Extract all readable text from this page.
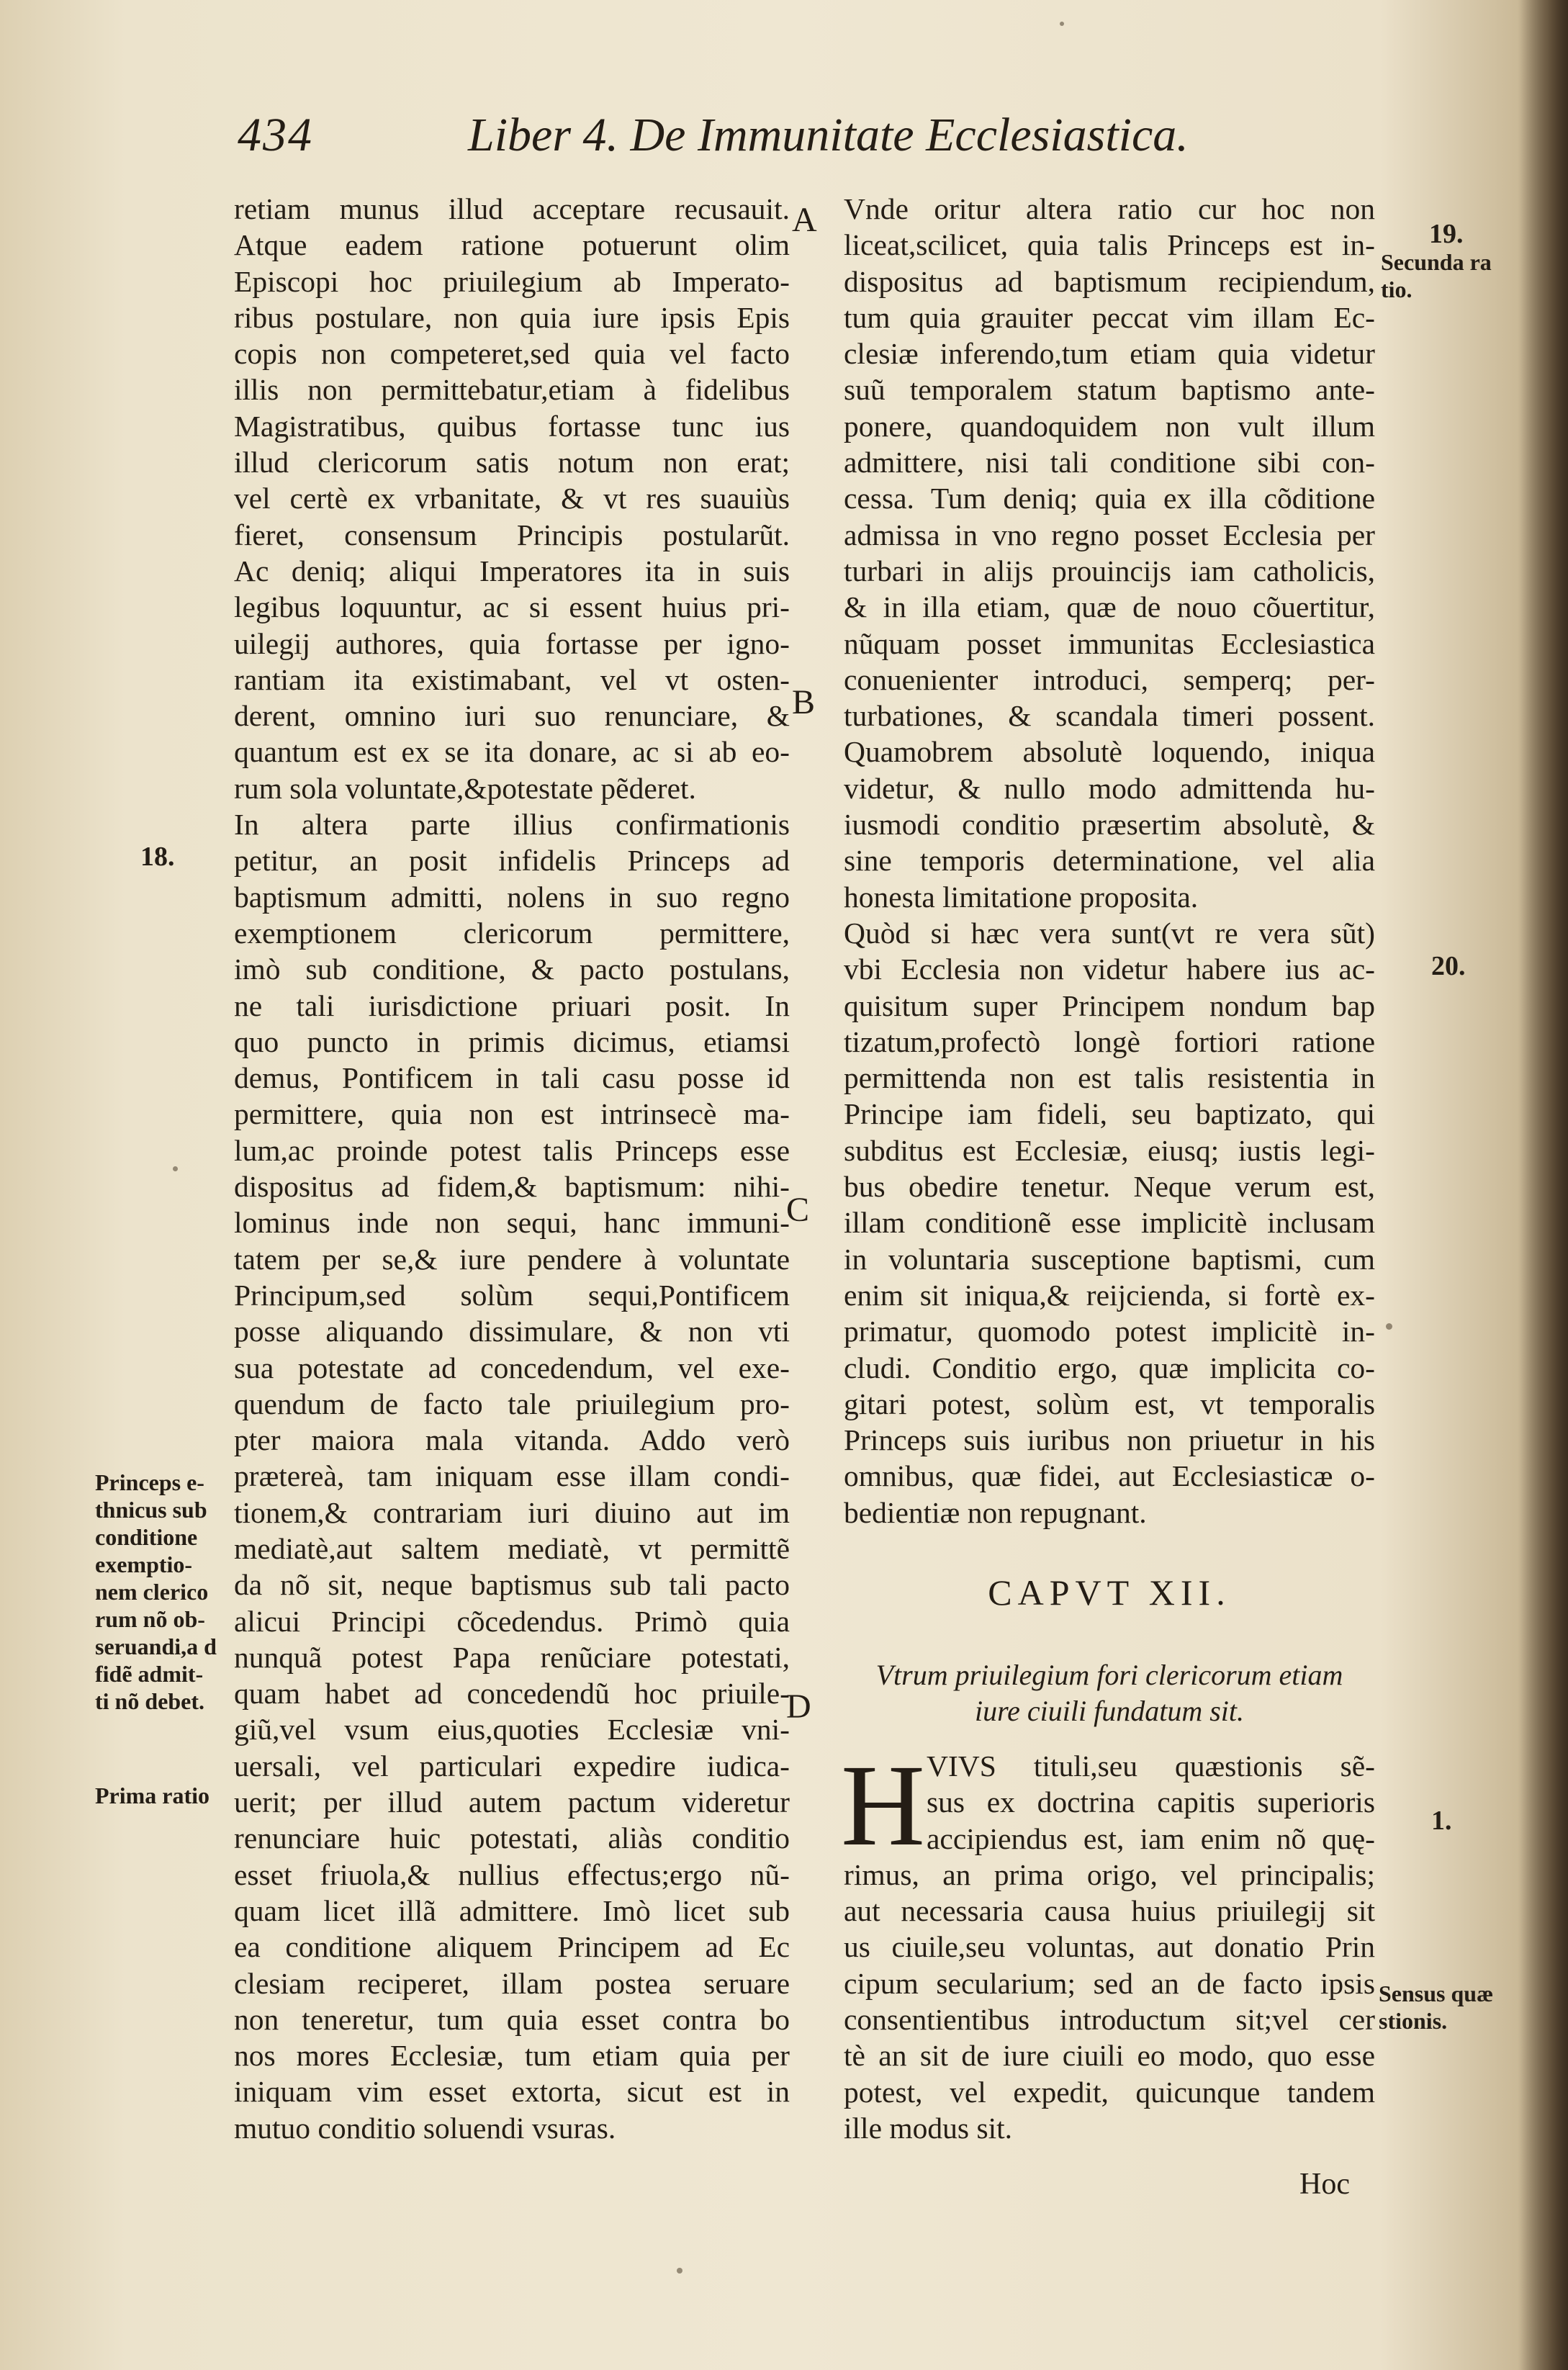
434	Liber 4. De Immunitate Ecclesiastica.
retiam munus illud acceptare recusauit.
Atque eadem ratione potuerunt olim
Episcopi hoc priuilegium ab Imperato-
ribus postulare, non quia iure ipsis Epis
copis non competeret,sed quia vel facto
illis non permittebatur,etiam à fidelibus
Magistratibus, quibus fortasse tunc ius
illud clericorum satis notum non erat;
vel certè ex vrbanitate, & vt res suauiùs
fieret, consensum Principis postularũt.
Ac deniq; aliqui Imperatores ita in suis
legibus loquuntur, ac si essent huius pri-
uilegij authores, quia fortasse per igno-
rantiam ita existimabant, vel vt osten-
derent, omnino iuri suo renunciare, &
quantum est ex se ita donare, ac si ab eo-
rum sola voluntate,&potestate pẽderet.
In altera parte illius confirmationis
petitur, an posit infidelis Princeps ad
baptismum admitti, nolens in suo regno
exemptionem clericorum permittere,
imò sub conditione, & pacto postulans,
ne tali iurisdictione priuari posit. In
quo puncto in primis dicimus, etiamsi
demus, Pontificem in tali casu posse id
permittere, quia non est intrinsecè ma-
lum,ac proinde potest talis Princeps esse
dispositus ad fidem,& baptismum: nihi-
lominus inde non sequi, hanc immuni-
tatem per se,& iure pendere à voluntate
Principum,sed solùm sequi,Pontificem
posse aliquando dissimulare, & non vti
sua potestate ad concedendum, vel exe-
quendum de facto tale priuilegium pro-
pter maiora mala vitanda. Addo verò
prætereà, tam iniquam esse illam condi-
tionem,& contrariam iuri diuino aut im
mediatè,aut saltem mediatè, vt permittẽ
da nõ sit, neque baptismus sub tali pacto
alicui Principi cõcedendus. Primò quia
nunquã potest Papa renũciare potestati,
quam habet ad concedendũ hoc priuile-
giũ,vel vsum eius,quoties Ecclesiæ vni-
uersali, vel particulari expedire iudica-
uerit; per illud autem pactum videretur
renunciare huic potestati, aliàs conditio
esset friuola,& nullius effectus;ergo nũ-
quam licet illã admittere. Imò licet sub
ea conditione aliquem Principem ad Ec
clesiam reciperet, illam postea seruare
non teneretur, tum quia esset contra bo
nos mores Ecclesiæ, tum etiam quia per
iniquam vim esset extorta, sicut est in
mutuo conditio soluendi vsuras.
Vnde oritur altera ratio cur hoc non
liceat,scilicet, quia talis Princeps est in-
dispositus ad baptismum recipiendum,
tum quia grauiter peccat vim illam Ec-
clesiæ inferendo,tum etiam quia videtur
suũ temporalem statum baptismo ante-
ponere, quandoquidem non vult illum
admittere, nisi tali conditione sibi con-
cessa. Tum deniq; quia ex illa cõditione
admissa in vno regno posset Ecclesia per
turbari in alijs prouincijs iam catholicis,
& in illa etiam, quæ de nouo cõuertitur,
nũquam posset immunitas Ecclesiastica
conuenienter introduci, semperq; per-
turbationes, & scandala timeri possent.
Quamobrem absolutè loquendo, iniqua
videtur, & nullo modo admittenda hu-
iusmodi conditio præsertim absolutè, &
sine temporis determinatione, vel alia
honesta limitatione proposita.
Quòd si hæc vera sunt(vt re vera sũt)
vbi Ecclesia non videtur habere ius ac-
quisitum super Principem nondum bap
tizatum,profectò longè fortiori ratione
permittenda non est talis resistentia in
Principe iam fideli, seu baptizato, qui
subditus est Ecclesiæ, eiusq; iustis legi-
bus obedire tenetur. Neque verum est,
illam conditionẽ esse implicitè inclusam
in voluntaria susceptione baptismi, cum
enim sit iniqua,& reijcienda, si fortè ex-
primatur, quomodo potest implicitè in-
cludi. Conditio ergo, quæ implicita co-
gitari potest, solùm est, vt temporalis
Princeps suis iuribus non priuetur in his
omnibus, quæ fidei, aut Ecclesiasticæ o-
bedientiæ non repugnant.
A
B
C
D
18.
19.
20.
1.
Princeps e-
thnicus sub
conditione
exemptio-
nem clerico
rum nõ ob-
seruandi,a d
fidẽ admit-
ti nõ debet.
Prima ratio
Secunda ra
tio.
Sensus quæ
stionis.
CAPVT XII.
Vtrum priuilegium fori clericorum etiam
iure ciuili fundatum sit.
H VIVS tituli,seu quæstionis sẽ-
sus ex doctrina capitis superioris
accipiendus est, iam enim nõ quę-
rimus, an prima origo, vel principalis;
aut necessaria causa huius priuilegij sit
us ciuile,seu voluntas, aut donatio Prin
cipum secularium; sed an de facto ipsis
consentientibus introductum sit;vel cer
tè an sit de iure ciuili eo modo, quo esse
potest, vel expedit, quicunque tandem
ille modus sit.
Hoc
